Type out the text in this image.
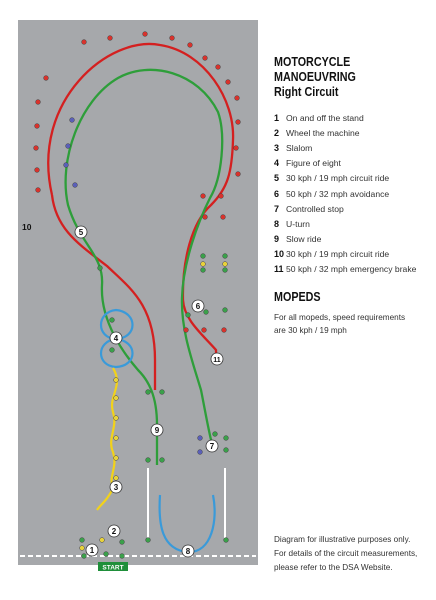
START
1
2
3
4
5
6
7
8
9
10
11
MOTORCYCLE
MANOEUVRING
Right Circuit
1 On and off the stand
2 Wheel the machine
3 Slalom
4 Figure of eight
5 30 kph / 19 mph circuit ride
6 50 kph / 32 mph avoidance
7 Controlled stop
8 U-turn
9 Slow ride
10 30 kph / 19 mph circuit ride
11 50 kph / 32 mph emergency brake
MOPEDS
For all mopeds, speed requirements
are 30 kph / 19 mph
Diagram for illustrative purposes only.
For details of the circuit measurements,
please refer to the DSA Website.
